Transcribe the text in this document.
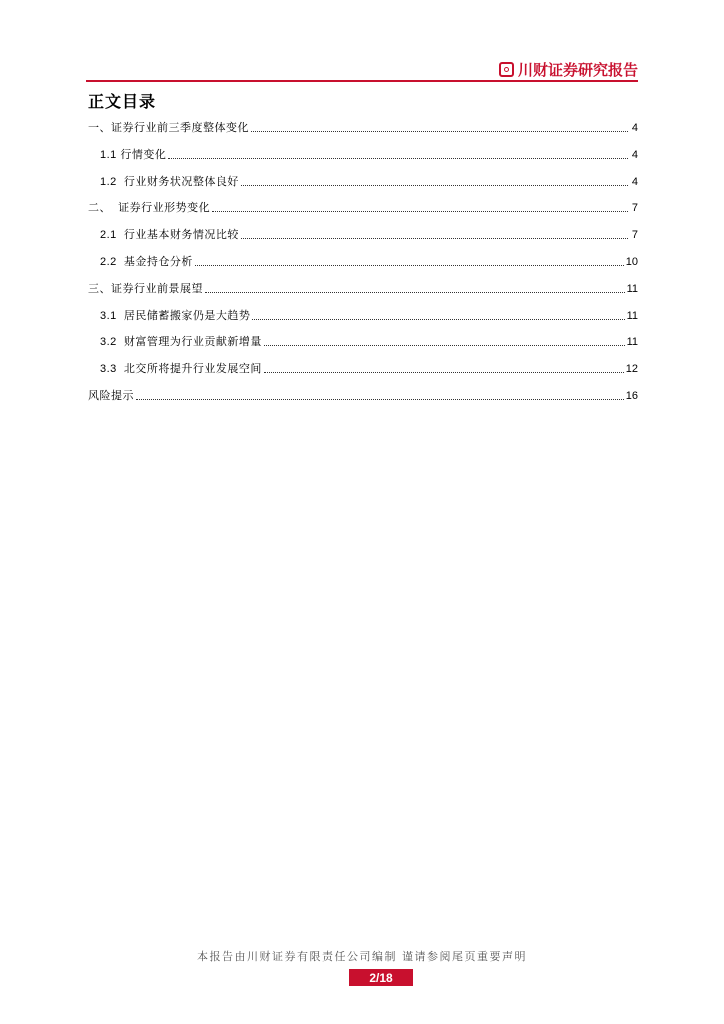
川财证券研究报告
正文目录
一、证券行业前三季度整体变化	4
1.1 行情变化	4
1.2  行业财务状况整体良好	4
二、  证券行业形势变化	7
2.1  行业基本财务情况比较	7
2.2  基金持仓分析	10
三、证券行业前景展望	11
3.1  居民储蓄搬家仍是大趋势	11
3.2  财富管理为行业贡献新增量	11
3.3  北交所将提升行业发展空间	12
风险提示	16
本报告由川财证券有限责任公司编制 谨请参阅尾页重要声明
2/18
